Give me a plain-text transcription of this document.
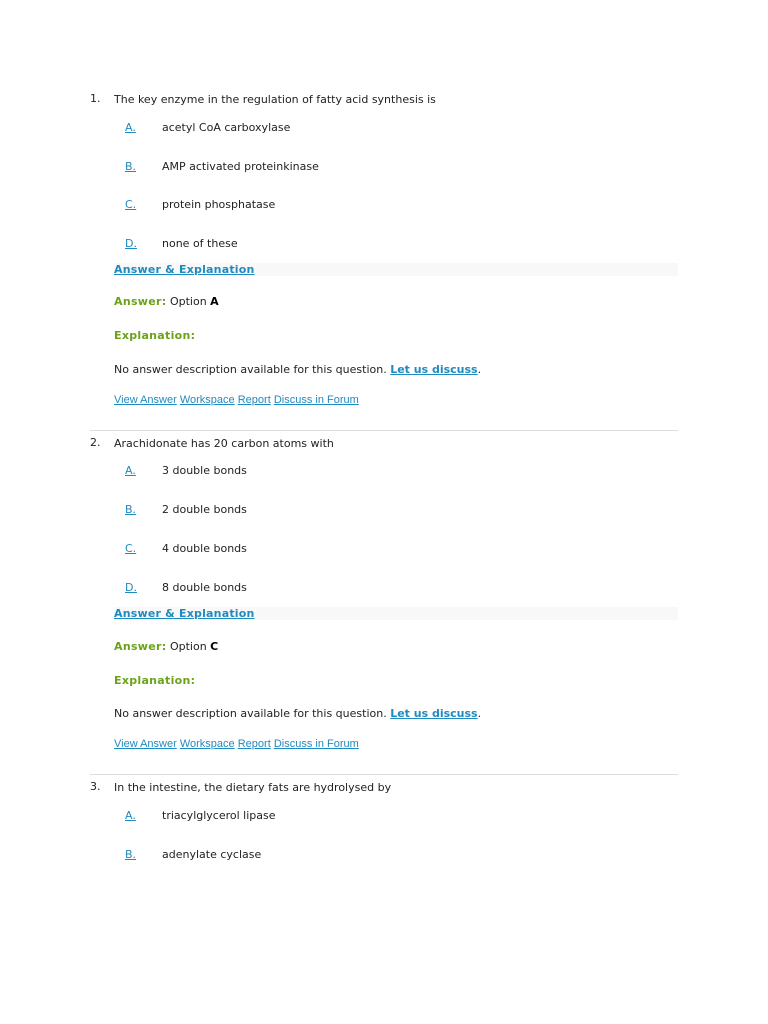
1. The key enzyme in the regulation of fatty acid synthesis is
A. acetyl CoA carboxylase
B. AMP activated proteinkinase
C. protein phosphatase
D. none of these
Answer & Explanation
Answer: Option A
Explanation:
No answer description available for this question. Let us discuss.
View Answer Workspace Report Discuss in Forum
2. Arachidonate has 20 carbon atoms with
A. 3 double bonds
B. 2 double bonds
C. 4 double bonds
D. 8 double bonds
Answer & Explanation
Answer: Option C
Explanation:
No answer description available for this question. Let us discuss.
View Answer Workspace Report Discuss in Forum
3. In the intestine, the dietary fats are hydrolysed by
A. triacylglycerol lipase
B. adenylate cyclase
